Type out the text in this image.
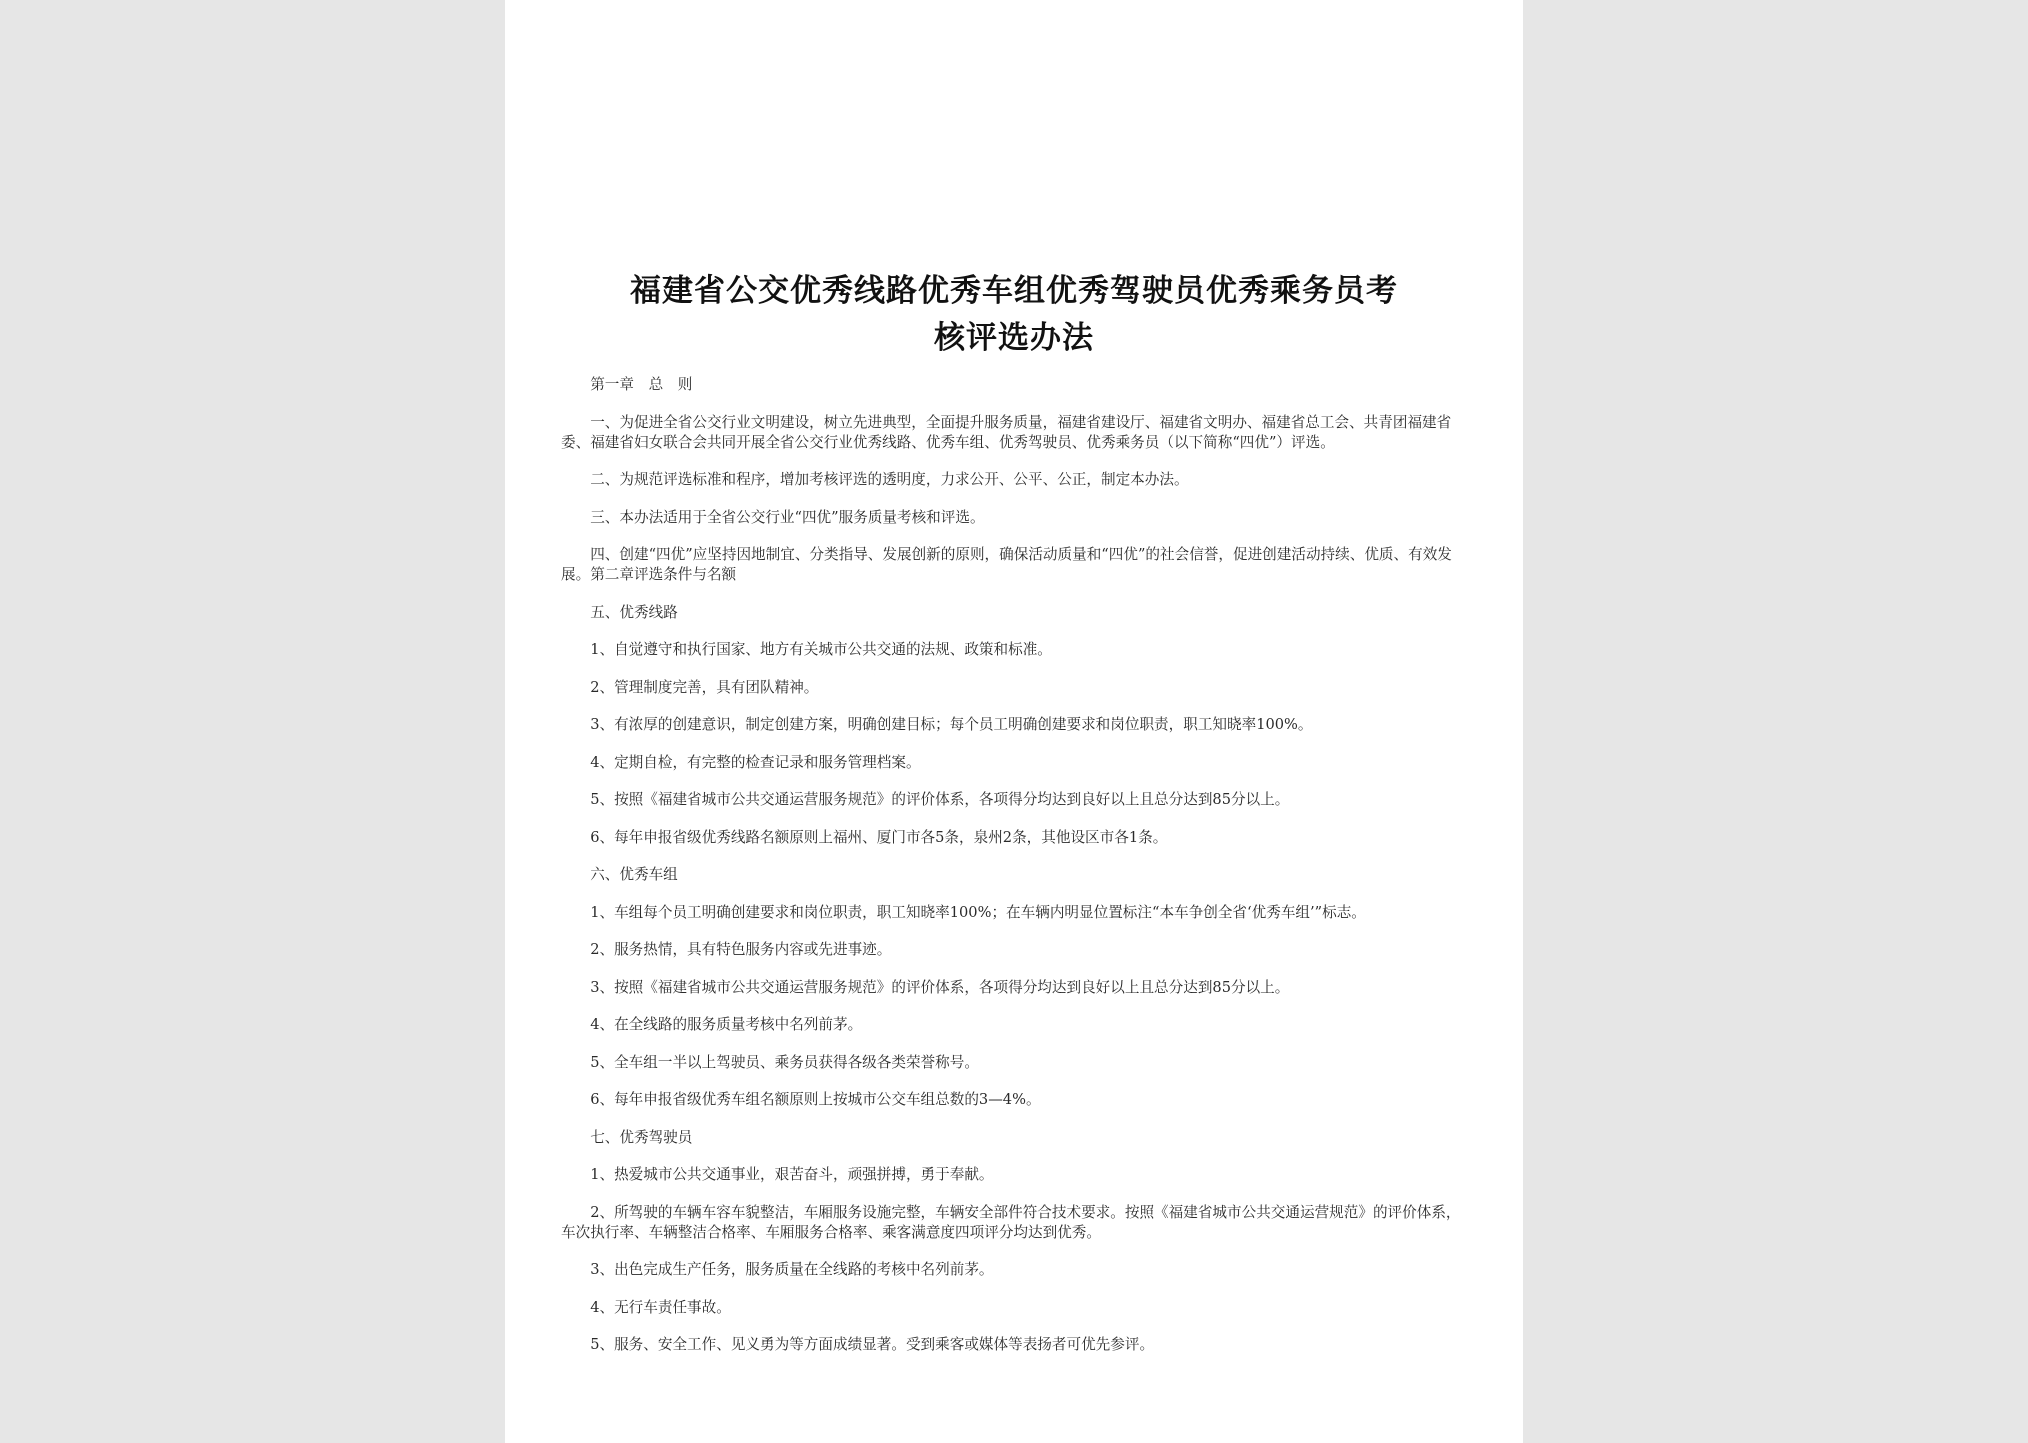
福建省公交优秀线路优秀车组优秀驾驶员优秀乘务员考
核评选办法

第一章　总　则

一、为促进全省公交行业文明建设，树立先进典型，全面提升服务质量，福建省建设厅、福建省文明办、福建省总工会、共青团福建省委、福建省妇女联合会共同开展全省公交行业优秀线路、优秀车组、优秀驾驶员、优秀乘务员（以下简称“四优”）评选。

二、为规范评选标准和程序，增加考核评选的透明度，力求公开、公平、公正，制定本办法。

三、本办法适用于全省公交行业“四优”服务质量考核和评选。

四、创建“四优”应坚持因地制宜、分类指导、发展创新的原则，确保活动质量和“四优”的社会信誉，促进创建活动持续、优质、有效发展。第二章评选条件与名额

五、优秀线路

1、自觉遵守和执行国家、地方有关城市公共交通的法规、政策和标准。

2、管理制度完善，具有团队精神。

3、有浓厚的创建意识，制定创建方案，明确创建目标；每个员工明确创建要求和岗位职责，职工知晓率100%。

4、定期自检，有完整的检查记录和服务管理档案。

5、按照《福建省城市公共交通运营服务规范》的评价体系，各项得分均达到良好以上且总分达到85分以上。

6、每年申报省级优秀线路名额原则上福州、厦门市各5条，泉州2条，其他设区市各1条。

六、优秀车组

1、车组每个员工明确创建要求和岗位职责，职工知晓率100%；在车辆内明显位置标注“本车争创全省‘优秀车组’”标志。

2、服务热情，具有特色服务内容或先进事迹。

3、按照《福建省城市公共交通运营服务规范》的评价体系，各项得分均达到良好以上且总分达到85分以上。

4、在全线路的服务质量考核中名列前茅。

5、全车组一半以上驾驶员、乘务员获得各级各类荣誉称号。

6、每年申报省级优秀车组名额原则上按城市公交车组总数的3—4%。

七、优秀驾驶员

1、热爱城市公共交通事业，艰苦奋斗，顽强拼搏，勇于奉献。

2、所驾驶的车辆车容车貌整洁，车厢服务设施完整，车辆安全部件符合技术要求。按照《福建省城市公共交通运营规范》的评价体系，车次执行率、车辆整洁合格率、车厢服务合格率、乘客满意度四项评分均达到优秀。

3、出色完成生产任务，服务质量在全线路的考核中名列前茅。

4、无行车责任事故。

5、服务、安全工作、见义勇为等方面成绩显著。受到乘客或媒体等表扬者可优先参评。
